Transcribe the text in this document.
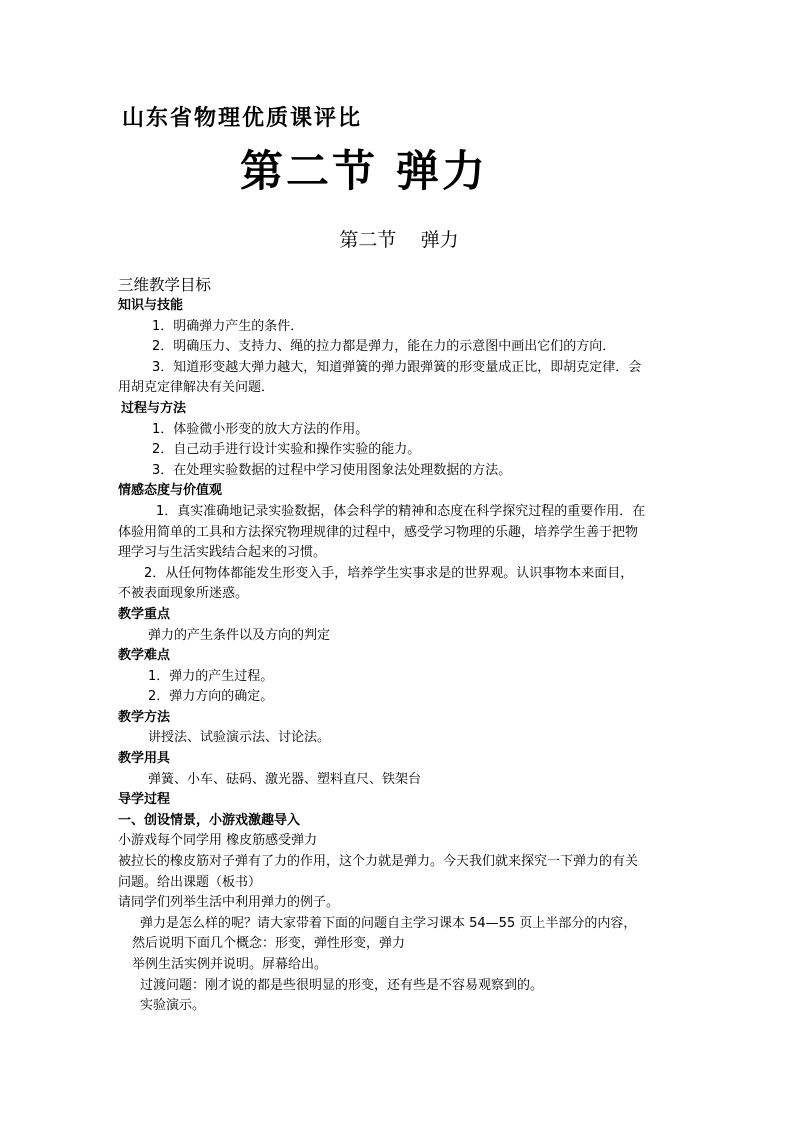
山东省物理优质课评比
第二节 弹力
第二节    弹力
三维教学目标
知识与技能
1．明确弹力产生的条件．
2．明确压力、支持力、绳的拉力都是弹力，能在力的示意图中画出它们的方向．
3．知道形变越大弹力越大，知道弹簧的弹力跟弹簧的形变量成正比，即胡克定律．会
用胡克定律解决有关问题．
过程与方法
1．体验微小形变的放大方法的作用。
2．自己动手进行设计实验和操作实验的能力。
3．在处理实验数据的过程中学习使用图象法处理数据的方法。
情感态度与价值观
1．真实准确地记录实验数据，体会科学的精神和态度在科学探究过程的重要作用．在
体验用简单的工具和方法探究物理规律的过程中，感受学习物理的乐趣，培养学生善于把物
理学习与生活实践结合起来的习惯。
2．从任何物体都能发生形变入手，培养学生实事求是的世界观。认识事物本来面目，
不被表面现象所迷惑。
教学重点
弹力的产生条件以及方向的判定
教学难点
1．弹力的产生过程。
2．弹力方向的确定。
教学方法
讲授法、试验演示法、讨论法。
教学用具
弹簧、小车、砝码、激光器、塑料直尺、铁架台
导学过程
一、创设情景，小游戏激趣导入
小游戏每个同学用 橡皮筋感受弹力
被拉长的橡皮筋对子弹有了力的作用，这个力就是弹力。今天我们就来探究一下弹力的有关
问题。给出课题（板书）
请同学们列举生活中利用弹力的例子。
弹力是怎么样的呢？请大家带着下面的问题自主学习课本 54—55 页上半部分的内容，
然后说明下面几个概念：形变，弹性形变，弹力
举例生活实例并说明。屏幕给出。
过渡问题：刚才说的都是些很明显的形变，还有些是不容易观察到的。
实验演示。
